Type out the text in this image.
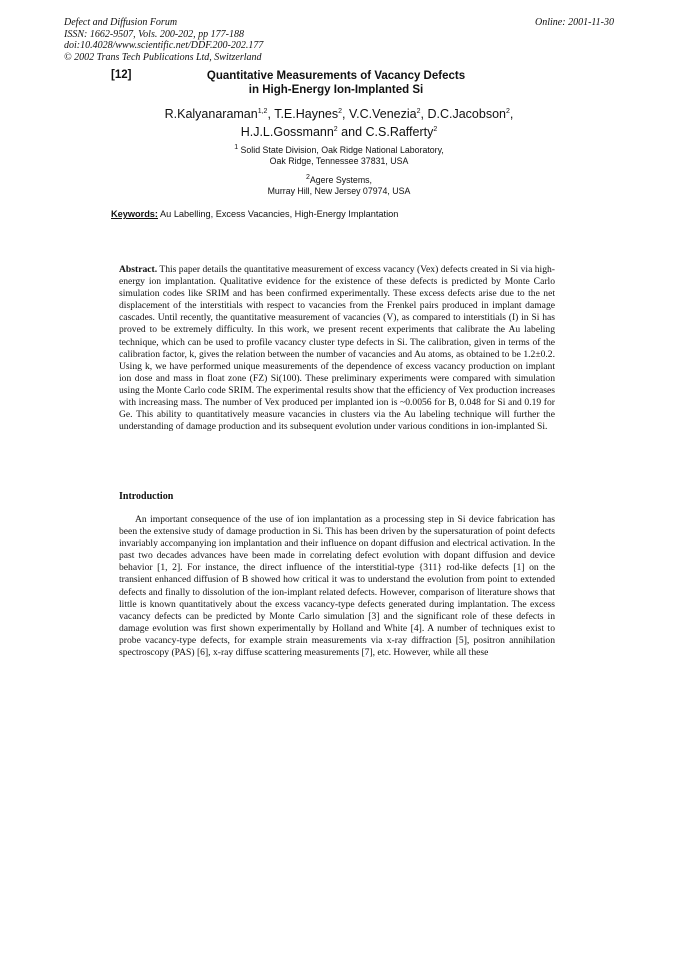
Defect and Diffusion Forum
ISSN: 1662-9507, Vols. 200-202, pp 177-188
doi:10.4028/www.scientific.net/DDF.200-202.177
© 2002 Trans Tech Publications Ltd, Switzerland
Online: 2001-11-30
[12]	Quantitative Measurements of Vacancy Defects
in High-Energy Ion-Implanted Si
R.Kalyanaraman$^{1,2}$, T.E.Haynes$^2$, V.C.Venezia$^2$, D.C.Jacobson$^2$,
H.J.L.Gossmann$^2$ and C.S.Rafferty$^2$
$^1$ Solid State Division, Oak Ridge National Laboratory,
Oak Ridge, Tennessee 37831, USA
$^2$Agere Systems,
Murray Hill, New Jersey 07974, USA
Keywords: Au Labelling, Excess Vacancies, High-Energy Implantation
Abstract. This paper details the quantitative measurement of excess vacancy (Vex) defects created in Si via high-energy ion implantation. Qualitative evidence for the existence of these defects is predicted by Monte Carlo simulation codes like SRIM and has been confirmed experimentally. These excess defects arise due to the net displacement of the interstitials with respect to vacancies from the Frenkel pairs produced in implant damage cascades. Until recently, the quantitative measurement of vacancies (V), as compared to interstitials (I) in Si has proved to be extremely difficulty. In this work, we present recent experiments that calibrate the Au labeling technique, which can be used to profile vacancy cluster type defects in Si. The calibration, given in terms of the calibration factor, k, gives the relation between the number of vacancies and Au atoms, as obtained to be 1.2±0.2. Using k, we have performed unique measurements of the dependence of excess vacancy production on implant ion dose and mass in float zone (FZ) Si(100). These preliminary experiments were compared with simulation using the Monte Carlo code SRIM. The experimental results show that the efficiency of Vex production increases with increasing mass. The number of Vex produced per implanted ion is ~0.0056 for B, 0.048 for Si and 0.19 for Ge. This ability to quantitatively measure vacancies in clusters via the Au labeling technique will further the understanding of damage production and its subsequent evolution under various conditions in ion-implanted Si.
Introduction
An important consequence of the use of ion implantation as a processing step in Si device fabrication has been the extensive study of damage production in Si. This has been driven by the supersaturation of point defects invariably accompanying ion implantation and their influence on dopant diffusion and electrical activation. In the past two decades advances have been made in correlating defect evolution with dopant diffusion and device behavior [1, 2]. For instance, the direct influence of the interstitial-type {311} rod-like defects [1] on the transient enhanced diffusion of B showed how critical it was to understand the evolution from point to extended defects and finally to dissolution of the ion-implant related defects. However, comparison of literature shows that little is known quantitatively about the excess vacancy-type defects generated during implantation. The excess vacancy defects can be predicted by Monte Carlo simulation [3] and the significant role of these defects in damage evolution was first shown experimentally by Holland and White [4]. A number of techniques exist to probe vacancy-type defects, for example strain measurements via x-ray diffraction [5], positron annihilation spectroscopy (PAS) [6], x-ray diffuse scattering measurements [7], etc. However, while all these
